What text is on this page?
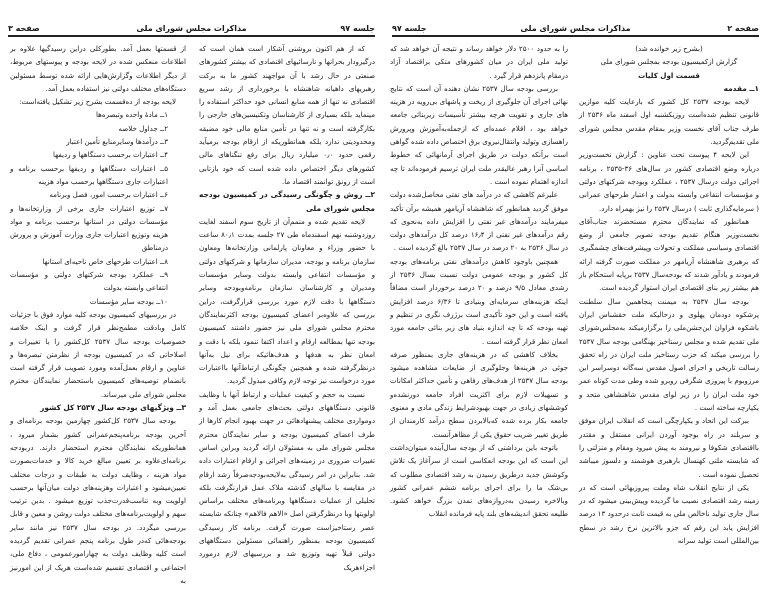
جلسه ۹۷
مذاکرات مجلس شورای ملی
صفحه ۳

که از هم اکنون بروشنی آشکار است همان است که درگیرودار بحرانها و نارسائیهای اقتصادی که بیشتر کشورهای صنعتی در حال رشد با آن مواجهند کشور ما به برکت رهبریهای داهیانه شاهنشاه با برخورداری از رشد سریع اقتصادی نه تنها از همه منابع انسانی خود حداکثر استفاده را مینماید بلکه بسیاری از کارشناسان وتکنیسین‌های خارجی را بکارگرفته است و نه تنها در تأمین منابع مالی خود مضیقه ومحدودیتی ندارد بلکه همانطوریکه از ارقام بودجه برمیآید رقمی حدود ۰٫۰ میلیارد ریال برای رفع تنگناهای مالی کشورهای دیگر اختصاص داده شده است که خود بازتابی است از رونق توانمند اقتصاد ما.

۲ــ روش و چگونگی رسیدگی در کمیسیون بودجه مجلس شورای ملی

لایحه تقدیم شده و متمم‌آن از تاریخ سوم اسفند لغایت روزدوشنبه نهم اسفندماه طی ۲۷ جلسه بمدت ۸۰٫۱ ساعت با حضور وزراء و معاونان پارلمانی وزارتخانه‌ها ومعاون سازمان برنامه و بودجه، مدیران سازمانها و شرکتهای دولتی و مؤسسات انتفاعی وابسته بدولت وسایر مؤسسات ومدیران و کارشناسان سازمان برنامه‌وبودجه وسایر دستگاهها با دقت لازم مورد بررسی قرارگرفت، دراین بررسی که علاوه‌بر اعضای کمیسیون بودجه اکثرنمایندگان محترم مجلس شورای ملی نیز حضور داشتند کمیسیون بودجه تنها بمطالعه ارقام و اعداد اکتفا ننمود بلکه با دقت و امعان نظر به هدفها و هدف‌هائیکه برای نیل به‌آنها درنظرگرفته شده و همچنین چگونگی ارتباط‌آنها بااعتبارات مورد درخواست نیز توجه لازم وکافی مبذول گردید.

نسبت به حجم و کیفیت عملیات و ارتباط آنها با وظایف قانونی دستگاههای دولتی بحث‌های جامعی بعمل آمد و دومواردی مختلف پیشنهادهائی در جهت بهبود انجام کارها از طرف اعضای کمیسیون بودجه و سایر نمایندگان محترم مجلس شورای ملی به مسئولان ارائه گردید وبراین اساس تغییرات ضروری در زمینه‌های اجرائی و ارقام اعتبارات داده شد. بنابراین در امر رسیدگی به‌لایحه‌بودجه‌صرفاً رشد ارقام در مقایسه با سالهای گذشته ملاک عمل قرارنگرفت بلکه تحلیلی از عملیات دستگاهها وبرنامه‌های مختلف براساس اولویتها وبا درنظرگرفتن اصل «الاهم فالاهم» چنانکه شایسته عصر رستاخیزاست صورت گرفت. برنامه کار رسیدگی کمیسیون بودجه بمنظور راهنمائی مسئولین دستگاههای دولتی قبلاً تهیه وتوزیع شد و بررسیهای لازم درمورد اجزاءهریک

از قسمتها بعمل آمد. بطورکلی دراین رسیدگیها علاوه بر اطلاعات منعکس شده در لایحه بودجه و پیوستهای مربوط، از دیگر اطلاعات وگزارش‌هایی ارائه شده توسط مسئولین دستگاه‌های مختلف دولتی نیز استفاده بعمل آمد.

لایحه بودجه از ده‌قسمت بشرح زیر تشکیل یافته‌است:

۱ــ مادهٔ واحده وتبصره‌ها

۲ــ جداول خلاصه

۳ــ درآمدها وسایرمنابع تأمین اعتبار

۴ــ اعتبارات برحسب دستگاهها و ردیفها

۵ــ اعتبارات دستگاهها و ردیفها برحسب برنامه و اعتبارات جاری دستگاهها برحسب مواد هزینه

۶ــ اعتبارات برحسب امور، فصل وبرنامه

۷ــ توزیع اعتبارات جاری برخی از وزارتخانه‌ها و مؤسسات دولتی در استانها برحسب برنامه و مواد هزینه وتوزیع اعتبارات جاری وزارت آموزش و پرورش درمناطق

۸ــ اعتبارات طرحهای خاص ناحیه‌ای استانها

۹ــ عملکرد بودجه شرکتهای دولتی و مؤسسات انتفاعی وابسته بدولت

۱۰ــ بودجه سایر مؤسسات

در بررسیهای کمیسیون بودجه کلیه موارد فوق با جزئیات کامل وبادقت مطمح‌نظر قرار گرفت و اینک خلاصه خصوصیات بودجه سال ۲۵۳۷ کل‌کشور را با تغییرات و اصلاحاتی که در کمیسیون بودجه از نظرمتن تبصره‌ها و عناوین و ارقام بعمل‌آمده ومورد تصویب قرار گرفته است بانضمام توصیه‌های کمیسیون باستحضار نمایندگان محترم مجلس شورای ملی میرساند.

۳ــ ویژگیهای بودجه سال ۲۵۳۷ کل کشور

بودجه سال ۲۵۳۷ کل‌کشور چهارمین بودجه برنامه‌ای و آخرین بودجه برنامه‌پنجم‌عمرانی کشور بشمار میرود ، همانطوریکه نمایندگان محترم استحضار دارند. دربودجه برنامه‌ای‌علاوه بر تعیین مبالغ خرید کالا و خدمات‌بصورت مواد هزینه ، وظایف دولت به طبقات و درجات مختلف تعیین‌میشود و اعتبارات وهزینه‌های دولت میان‌آنها برحسب اولویت وبه تناسب‌قدرت‌جذب توزیع میشود . بدین ترتیب سهم و اولویت‌برنامه‌های مختلف دولت روشن و معین و قابل بررسی میگردد. در بودجه سال ۲۵۳۷ نیز مانند سایر بودجه‌هائی که‌در طول برنامه پنجم عمرانی تقدیم گردیده است کلیه وظایف دولت به چهارامورعمومی ، دفاع ملی، اجتماعی و اقتصادی تقسیم شده‌است هریک از این امورنیز به

صفحه ۲
مذاکرات مجلس شورای ملی
جلسه ۹۷

(بشرح زیر خوانده شد)

گزارش ازکمیسیون بودجه بمجلس شورای ملی

قسمت اول کلیات

۱ــ مقدمه

لایحه بودجه ۲۵۳۷ کل کشور که بارعایت کلیه موازین قانونی تنظیم شده‌است روزیکشنبه اول اسفند ماه ۲۵۳۶ از طرف جناب آقای نخست وزیر بمقام مقدس مجلس شورای ملی تقدیم‌گردید.

این لایحه ۴ پیوست تحت عناوین : گزارش نخست‌وزیر درباره وضع اقتصادی کشور در سال‌های ۳۶-۲۵۳۵ ، برنامه اجرائی دولت درسال ۲۵۳۷ ، عملکرد وبودجه شرکتهای دولتی و مؤسسات انتفاعی وابسته بدولت و اعتبار طرحهای عمرانی ( سرمایه‌گذاری ثابت ) درسال ۲۵۳۷ را نیز بهمراه دارد.

همانطور که نمایندگان محترم مستحضرند جناب‌آقای نخست‌وزیر هنگام تقدیم بودجه تصویر جامعی از وضع اقتصادی وسیاسی مملکت و تحولات وپیشرفت‌های چشمگیری که برهبری شاهنشاه آریامهر در مملکت صورت گرفته ارائه فرمودند و یادآور شدند که بودجه‌سال ۲۵۳۷ برپایه استحکام باز هم بیشتر زیر بنای اقتصادی ایران استوار گردیده است.

بودجه سال ۲۵۳۷ به میمنت پنجاهمین سال سلطنت پرشکوه دودمان پهلوی و درحالیکه ملت حقشناس ایران باشکوه فراوان این‌جشن‌ملی را برگزارمیکند به‌مجلس‌شورای ملی تقدیم شده و مجلس رستاخیز بهنگامی بودجه سال ۲۵۳۷ را بررسی میکند که حزب رستاخیز ملت ایران در راه تحقق رسالت تاریخی و اجرای اصول مقدس سه‌گانه دوسراسر این مرزوبوم با پیروزی شگرفی روبرو شده وطی مدت کوتاه عمر خود ملت ایران را در زیر لوای مقدس شاهنشاهی متحد و یکپارچه ساخته است .

ببرکت این اتحاد و یکپارچگی است که انقلاب ایران موفق و سربلند در راه بوجود آوردن ایرانی مستقل و مقتدر بااقتصادی شکوفا و نیرومند به پیش میرود ومقام و منزلتی را که شایسته ملتی کهنسال بارهبری هوشمند و دلسوز میباشد تحصیل نموده است .

یکی از نتایج انقلاب شاه وملت پیروزیهائی است که در زمینه رشد اقتصادی نصیب ما گردیده وپیش‌بینی میشود که در سال جاری تولید ناخالص ملی به قیمت ثابت درحدود ۱۳ درصد افزایش یابد این رقم که جزو بالاترین نرخ رشد در سطح بین‌المللی است تولید سرانه

را به حدود ۲۵۰۰ دلار خواهد رساند و نتیجه آن خواهد شد که تولید ملی ایران در میان کشورهای متکی براقتصاد آزاد درمقام پانزدهم قرار گیرد .

بررسی بودجه سال ۲۵۳۷ نشان دهنده آن است که نتایج نهائی اجرای آن جلوگیری از ریخت و پاشهای بی‌رویه در هزینه های جاری و تقویت هرچه بیشتر تأسیسات زیربنائی جامعه خواهد بود ، اقلام عمده‌ای که ازجمله‌به‌آموزش وپرورش راهسازی وتولید وانتقال‌نیروی برق اختصاص داده شده گواهی است برآنکه دولت در طریق اجرای آرمانهائی که خطوط اساسی آنرا رهبر عالیقدر ملت ایران ترسیم فرموده‌اند تا چه اندازه اهتمام نموده است .

علیرغم کاهشی که در درآمد های نفتی محاصل‌شده دولت موفق گردید همانطور که شاهنشاه آریامهر همیشه برآن تأکید میفرمایند درآمدهای غیر نفتی را افزایش داده به‌نحوی که رقم درآمدهای غیر نفتی از ۱۶٫۴ درصد کل درآمدهای دولت در سال ۲۵۳۶ به ۲۰ درصد در سال ۲۵۳۷ بالغ گردیده است .

همچنین باوجود کاهش درآمدهای نفتی برنامه‌هاى بودجه کل کشور و بودجه عمومی دولت نسبت بسال ۲۵۳۶ از رشدی معادل ۹/۵ درصد و ۲۰ درصد برخوردار است مضافاً اینکه هزینه‌های سرمایه‌ای وبنیادی تا ۶/۳۶ درصد افزایش یافته است و این خود تأکیدی است برژرف نگری در تنظیم و تهیه بودجه که تا چه اندازه بنیاد های زیر بنائی جامعه مورد امعان نظر قرار گرفته است .

بخلاف کاهشی که در هزینه‌های جاری بمنظور صرفه جوئی در هزینه‌ها وجلوگیری از ضایعات مشاهده میشود بودجه سال ۲۵۳۷ از هدف‌های رفاهی و تأمین حداکثر امکانات و تسهیلات لازم برای اکثریت افراد جامعه دورنشده‌و کوششهای زیادی در جهت بهبودشرایط زندگی مادی و معنوی جامعه بکار برده شده که‌بالابردن سطح درآمد کارمندان از طریق تغییر ضریب حقوق یکی از مظاهرآنست.

باتوجه باین برداشتی که از بودجه سال‌آینده میتوان‌داشت این است که این بودجه انعکاسی است از سرآغاز یک تلاش وکوشش جدید درطریق رسیدن به رشد اقتصادی مطلوب که بی‌شک ما را برای اجرای برنامه ششم عمرانی کشور وبالاخره رسیدن به‌دروازه‌های تمدن بزرگ خواهد کشود. طلیعه تحقق اندیشه‌های بلند پایه فرمانده انقلاب
